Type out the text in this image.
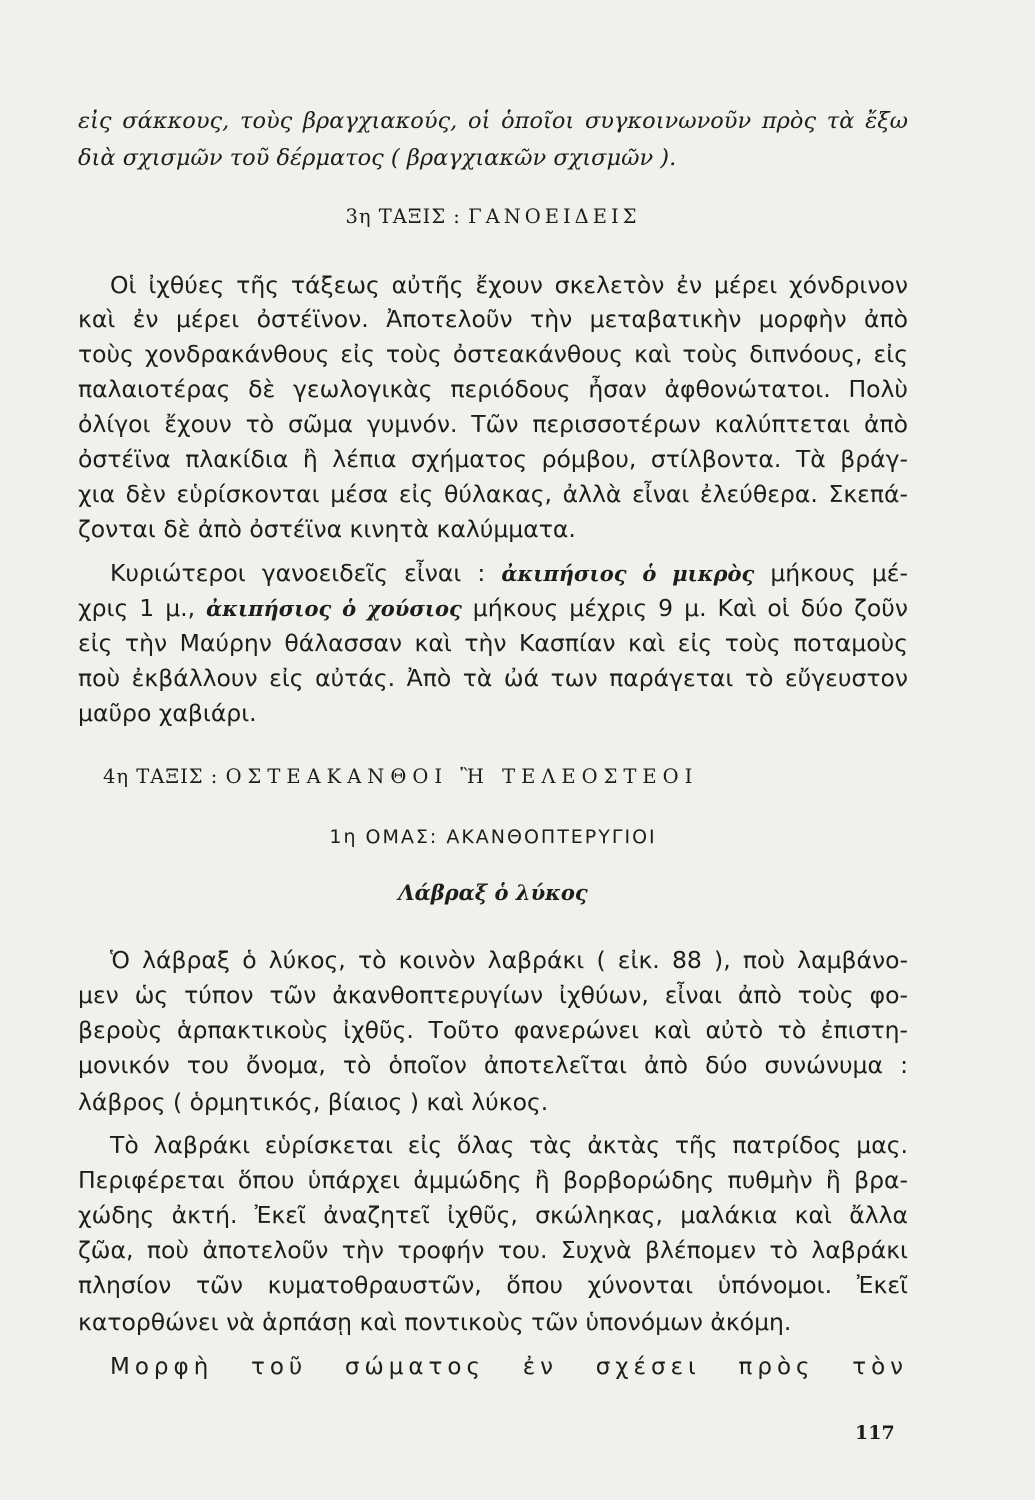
εἰς σάκκους, τοὺς βραγχιακούς, οἱ ὁποῖοι συγκοινωνοῦν πρὸς τὰ ἔξω
διὰ σχισμῶν τοῦ δέρματος ( βραγχιακῶν σχισμῶν ).
3η ΤΑΞΙΣ : ΓΑΝΟΕΙΔΕΙΣ
Οἱ ἰχθύες τῆς τάξεως αὐτῆς ἔχουν σκελετὸν ἐν μέρει χόνδρινον
καὶ ἐν μέρει ὀστέϊνον. Ἀποτελοῦν τὴν μεταβατικὴν μορφὴν ἀπὸ
τοὺς χονδρακάνθους εἰς τοὺς ὀστεακάνθους καὶ τοὺς διπνόους, εἰς
παλαιοτέρας δὲ γεωλογικὰς περιόδους ἦσαν ἀφθονώτατοι. Πολὺ
ὀλίγοι ἔχουν τὸ σῶμα γυμνόν. Τῶν περισσοτέρων καλύπτεται ἀπὸ
ὀστέϊνα πλακίδια ἢ λέπια σχήματος ρόμβου, στίλβοντα. Τὰ βράγ-
χια δὲν εὑρίσκονται μέσα εἰς θύλακας, ἀλλὰ εἶναι ἐλεύθερα. Σκεπά-
ζονται δὲ ἀπὸ ὀστέϊνα κινητὰ καλύμματα.
Κυριώτεροι γανοειδεῖς εἶναι : ἀκιπήσιος ὁ μικρὸς μήκους μέ-
χρις 1 μ., ἀκιπήσιος ὁ χούσιος μήκους μέχρις 9 μ. Καὶ οἱ δύο ζοῦν
εἰς τὴν Μαύρην θάλασσαν καὶ τὴν Κασπίαν καὶ εἰς τοὺς ποταμοὺς
ποὺ ἐκβάλλουν εἰς αὐτάς. Ἀπὸ τὰ ὠά των παράγεται τὸ εὔγευστον
μαῦρο χαβιάρι.
4η ΤΑΞΙΣ : ΟΣΤΕΑΚΑΝΘΟΙ Ἢ ΤΕΛΕΟΣΤΕΟΙ
1η ΟΜΑΣ: ΑΚΑΝΘΟΠΤΕΡΥΓΙΟΙ
Λάβραξ ὁ λύκος
Ὁ λάβραξ ὁ λύκος, τὸ κοινὸν λαβράκι ( εἰκ. 88 ), ποὺ λαμβάνο-
μεν ὡς τύπον τῶν ἀκανθοπτερυγίων ἰχθύων, εἶναι ἀπὸ τοὺς φο-
βεροὺς ἁρπακτικοὺς ἰχθῦς. Τοῦτο φανερώνει καὶ αὐτὸ τὸ ἐπιστη-
μονικόν του ὄνομα, τὸ ὁποῖον ἀποτελεῖται ἀπὸ δύο συνώνυμα :
λάβρος ( ὁρμητικός, βίαιος ) καὶ λύκος.
Τὸ λαβράκι εὑρίσκεται εἰς ὅλας τὰς ἀκτὰς τῆς πατρίδος μας.
Περιφέρεται ὅπου ὑπάρχει ἀμμώδης ἢ βορβορώδης πυθμὴν ἢ βρα-
χώδης ἀκτή. Ἐκεῖ ἀναζητεῖ ἰχθῦς, σκώληκας, μαλάκια καὶ ἄλλα
ζῶα, ποὺ ἀποτελοῦν τὴν τροφήν του. Συχνὰ βλέπομεν τὸ λαβράκι
πλησίον τῶν κυματοθραυστῶν, ὅπου χύνονται ὑπόνομοι. Ἐκεῖ
κατορθώνει νὰ ἁρπάσῃ καὶ ποντικοὺς τῶν ὑπονόμων ἀκόμη.
Μορφὴ τοῦ σώματος ἐν σχέσει πρὸς τὸν
117
